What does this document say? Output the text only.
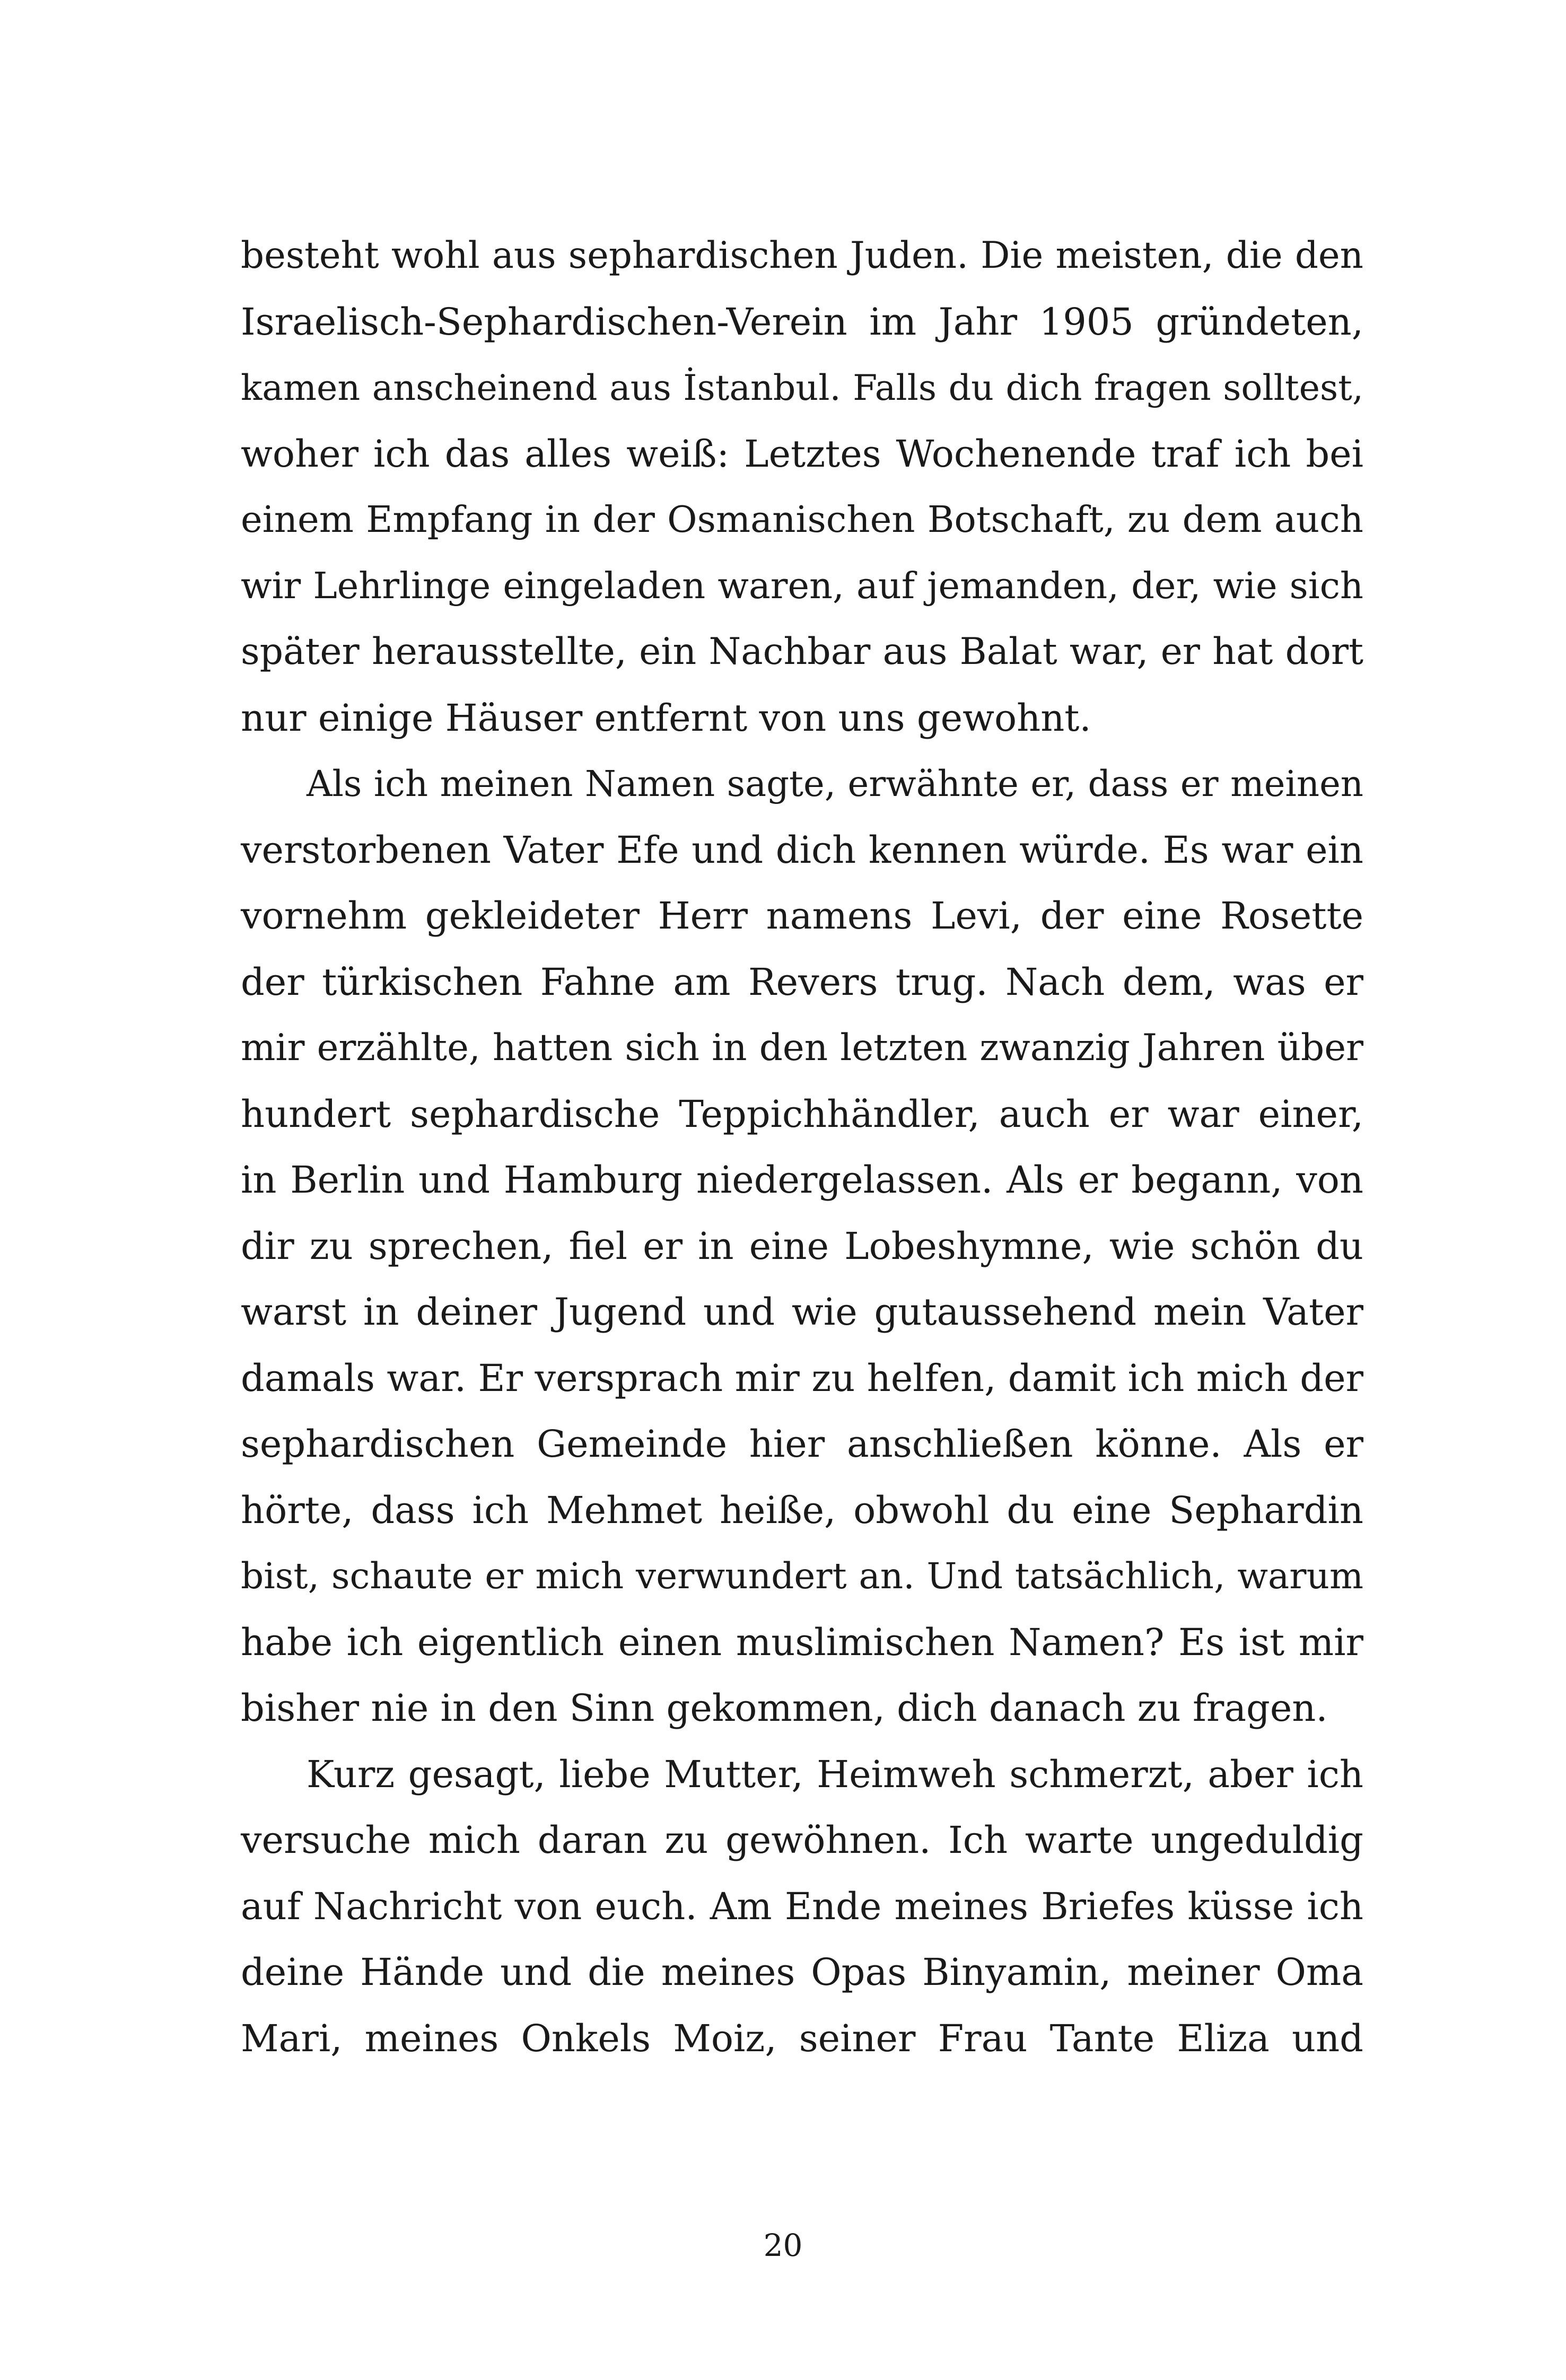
besteht wohl aus sephardischen Juden. Die meisten, die den
Israelisch-Sephardischen-Verein im Jahr 1905 gründeten,
kamen anscheinend aus İstanbul. Falls du dich fragen solltest,
woher ich das alles weiß: Letztes Wochenende traf ich bei
einem Empfang in der Osmanischen Botschaft, zu dem auch
wir Lehrlinge eingeladen waren, auf jemanden, der, wie sich
später herausstellte, ein Nachbar aus Balat war, er hat dort
nur einige Häuser entfernt von uns gewohnt.
Als ich meinen Namen sagte, erwähnte er, dass er meinen
verstorbenen Vater Efe und dich kennen würde. Es war ein
vornehm gekleideter Herr namens Levi, der eine Rosette
der türkischen Fahne am Revers trug. Nach dem, was er
mir erzählte, hatten sich in den letzten zwanzig Jahren über
hundert sephardische Teppichhändler, auch er war einer,
in Berlin und Hamburg niedergelassen. Als er begann, von
dir zu sprechen, fiel er in eine Lobeshymne, wie schön du
warst in deiner Jugend und wie gutaussehend mein Vater
damals war. Er versprach mir zu helfen, damit ich mich der
sephardischen Gemeinde hier anschließen könne. Als er
hörte, dass ich Mehmet heiße, obwohl du eine Sephardin
bist, schaute er mich verwundert an. Und tatsächlich, warum
habe ich eigentlich einen muslimischen Namen? Es ist mir
bisher nie in den Sinn gekommen, dich danach zu fragen.
Kurz gesagt, liebe Mutter, Heimweh schmerzt, aber ich
versuche mich daran zu gewöhnen. Ich warte ungeduldig
auf Nachricht von euch. Am Ende meines Briefes küsse ich
deine Hände und die meines Opas Binyamin, meiner Oma
Mari, meines Onkels Moiz, seiner Frau Tante Eliza und
20
